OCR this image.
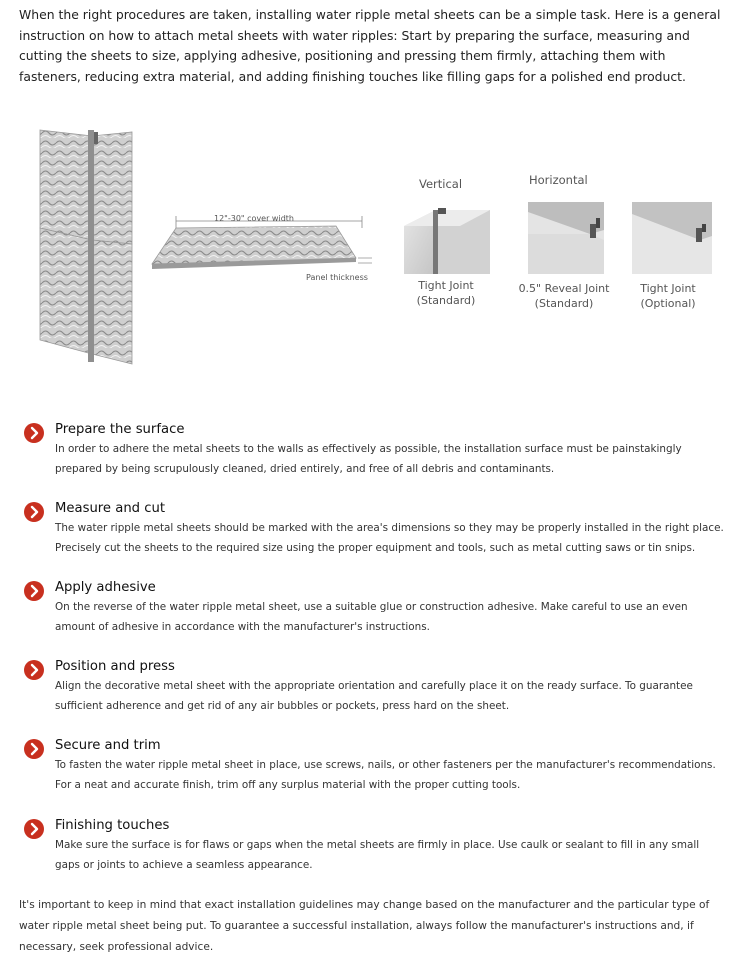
When the right procedures are taken, installing water ripple metal sheets can be a simple task. Here is a general instruction on how to attach metal sheets with water ripples: Start by preparing the surface, measuring and cutting the sheets to size, applying adhesive, positioning and pressing them firmly, attaching them with fasteners, reducing extra material, and adding finishing touches like filling gaps for a polished end product.

12"-30" cover width
Panel thickness
Vertical
Tight Joint
(Standard)
Horizontal
0.5" Reveal Joint
(Standard)
Tight Joint
(Optional)
Prepare the surface

In order to adhere the metal sheets to the walls as effectively as possible, the installation surface must be painstakingly prepared by being scrupulously cleaned, dried entirely, and free of all debris and contaminants.

Measure and cut

The water ripple metal sheets should be marked with the area's dimensions so they may be properly installed in the right place. Precisely cut the sheets to the required size using the proper equipment and tools, such as metal cutting saws or tin snips.

Apply adhesive

On the reverse of the water ripple metal sheet, use a suitable glue or construction adhesive. Make careful to use an even amount of adhesive in accordance with the manufacturer's instructions.

Position and press

Align the decorative metal sheet with the appropriate orientation and carefully place it on the ready surface. To guarantee sufficient adherence and get rid of any air bubbles or pockets, press hard on the sheet.

Secure and trim

To fasten the water ripple metal sheet in place, use screws, nails, or other fasteners per the manufacturer's recommendations. For a neat and accurate finish, trim off any surplus material with the proper cutting tools.

Finishing touches

Make sure the surface is for flaws or gaps when the metal sheets are firmly in place. Use caulk or sealant to fill in any small gaps or joints to achieve a seamless appearance.

It's important to keep in mind that exact installation guidelines may change based on the manufacturer and the particular type of water ripple metal sheet being put. To guarantee a successful installation, always follow the manufacturer's instructions and, if necessary, seek professional advice.
